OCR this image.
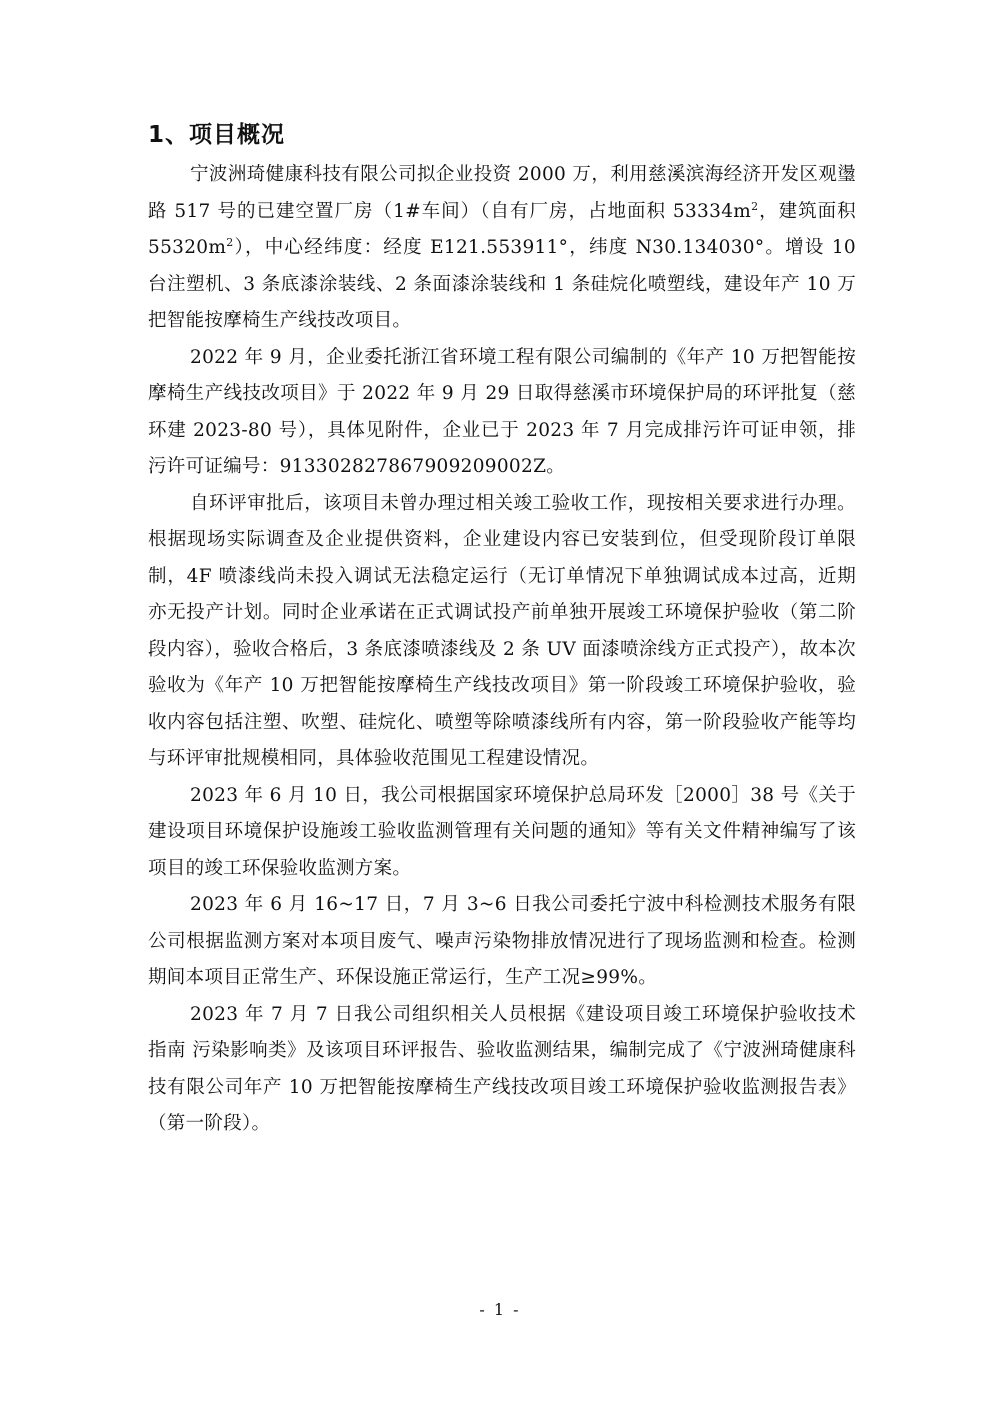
1、项目概况

宁波洲琦健康科技有限公司拟企业投资 2000 万，利用慈溪滨海经济开发区观璗路 517 号的已建空置厂房（1#车间）（自有厂房，占地面积 $53334m^2$，建筑面积 $55320m^2$），中心经纬度：经度 E121.553911°，纬度 N30.134030°。增设 10 台注塑机、3 条底漆涂装线、2 条面漆涂装线和 1 条硅烷化喷塑线，建设年产 10 万把智能按摩椅生产线技改项目。

2022 年 9 月，企业委托浙江省环境工程有限公司编制的《年产 10 万把智能按摩椅生产线技改项目》于 2022 年 9 月 29 日取得慈溪市环境保护局的环评批复（慈环建 2023-80 号），具体见附件，企业已于 2023 年 7 月完成排污许可证申领，排污许可证编号：913302827867909209002Z。

自环评审批后，该项目未曾办理过相关竣工验收工作，现按相关要求进行办理。根据现场实际调查及企业提供资料，企业建设内容已安装到位，但受现阶段订单限制，4F 喷漆线尚未投入调试无法稳定运行（无订单情况下单独调试成本过高，近期亦无投产计划。同时企业承诺在正式调试投产前单独开展竣工环境保护验收（第二阶段内容），验收合格后，3 条底漆喷漆线及 2 条 UV 面漆喷涂线方正式投产），故本次验收为《年产 10 万把智能按摩椅生产线技改项目》第一阶段竣工环境保护验收，验收内容包括注塑、吹塑、硅烷化、喷塑等除喷漆线所有内容，第一阶段验收产能等均与环评审批规模相同，具体验收范围见工程建设情况。

2023 年 6 月 10 日，我公司根据国家环境保护总局环发［2000］38 号《关于建设项目环境保护设施竣工验收监测管理有关问题的通知》等有关文件精神编写了该项目的竣工环保验收监测方案。

2023 年 6 月 16~17 日，7 月 3~6 日我公司委托宁波中科检测技术服务有限公司根据监测方案对本项目废气、噪声污染物排放情况进行了现场监测和检查。检测期间本项目正常生产、环保设施正常运行，生产工况≥99%。

2023 年 7 月 7 日我公司组织相关人员根据《建设项目竣工环境保护验收技术指南 污染影响类》及该项目环评报告、验收监测结果，编制完成了《宁波洲琦健康科技有限公司年产 10 万把智能按摩椅生产线技改项目竣工环境保护验收监测报告表》（第一阶段）。

- 1 -
